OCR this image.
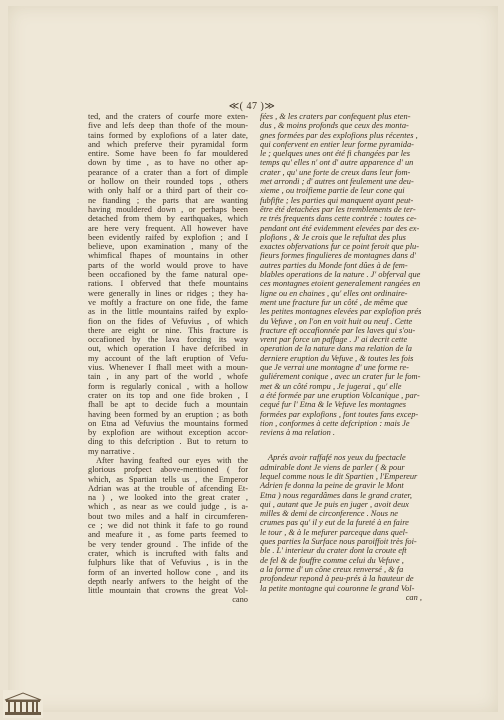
≪( 47 )≫
ted, and the craters of courfe more exten-
five and lefs deep than thofe of the moun-
tains formed by explofions of a later date,
and which preferve their pyramidal form
entire. Some have been fo far mouldered
down by time , as to have no other ap-
pearance of a crater than a fort of dimple
or hollow on their rounded tops , others
with only half or a third part of their co-
ne ftanding ; the parts that are wanting
having mouldered down , or perhaps been
detached from them by earthquakes, which
are here very frequent. All however have
been evidently raifed by explofion ; and I
believe, upon examination , many of the
whimfical fhapes of mountains in other
parts of the world would prove to have
been occafioned by the fame natural ope-
rations. I obferved that thefe mountains
were generally in lines or ridges ; they ha-
ve moftly a fracture on one fide, the fame
as in the little mountains raifed by explo-
fion on the fides of Vefuvius , of which
there are eight or nine. This fracture is
occafioned by the lava forcing its way
out, which operation I have defcribed in
my account of the laft eruption of Vefu-
vius. Whenever I fhall meet with a moun-
tain , in any part of the world , whofe
form is regularly conical , with a hollow
crater on its top and one fide broken , I
fhall be apt to decide fuch a mountain
having been formed by an eruption ; as both
on Etna ad Vefuvius the mountains formed
by explofion are without exception accor-
ding to this defcription . But to return to
my narrative .
After having feafted our eyes with the
glorious profpect above-mentioned ( for
which, as Spartian tells us , the Emperor
Adrian was at the trouble of afcending Et-
na ) , we looked into the great crater ,
which , as near as we could judge , is a-
bout two miles and a half in circumferen-
ce ; we did not think it fafe to go round
and meafure it , as fome parts feemed to
be very tender ground . The infide of the
crater, which is incrufted with falts and
fulphurs like that of Vefuvius , is in the
form of an inverted hollow cone , and its
depth nearly anfwers to the height of the
little mountain that crowns the great Vol-
cano
fées , & les craters par confequent plus eten-
dus , & moins profonds que ceux des monta-
gnes formées par des explofions plus récentes ,
qui confervent en entier leur forme pyramida-
le ; quelques unes ont été fi changées par les
temps qu' elles n' ont d' autre apparence d' un
crater , qu' une forte de creux dans leur fom-
met arrondi ; d' autres ont feulement une deu-
xieme , ou troifieme partie de leur cone qui
fubfifte ; les parties qui manquent ayant peut-
être été detachées par les tremblements de ter-
re trés frequents dans cette contrée : toutes ce-
pendant ont été evidemment elevées par des ex-
plofions , & Je crois que le refultat des plus
exactes obfervations fur ce point feroit que plu-
fieurs formes fingulieres de montagnes dans d'
autres parties du Monde font dûes à de fem-
blables operations de la nature . J' obferval que
ces montagnes etoient generalement rangées en
ligne ou en chaines , qu' elles ont ordinaire-
ment une fracture fur un côté , de même que
les petites montagnes elevées par explofion prés
du Vefuve , on l'on en voit huit ou neuf . Cette
fracture eft occafionnée par les laves qui s'ou-
vrent par force un paffage . J' ai decrit cette
operation de la nature dans ma relation de la
derniere eruption du Vefuve , & toutes les fois
que Je verrai une montagne d' une forme re-
guliérement conique , avec un crater fur le fom-
met & un côté rompu , Je jugerai , qu' elle
a été formée par une eruption Volcanique , par-
cequé fur l' Etna & le Vefuve les montagnes
formées par explofions , font toutes fans excep-
tion , conformes à cette defcription : mais Je
reviens à ma relation .
Aprés avoir raffafé nos yeux du fpectacle
admirable dont Je viens de parler ( & pour
lequel comme nous le dit Spartien , l'Empereur
Adrien fe donna la peine de gravir le Mont
Etna ) nous regardâmes dans le grand crater,
qui , autant que Je puis en juger , avoit deux
milles & demi de circonference . Nous ne
crumes pas qu' il y eut de la fureté à en faire
le tour , & à le mefurer parceque dans quel-
ques parties la Surface nous paroiffoit très foi-
ble . L' interieur du crater dont la croute eft
de fel & de fouffre comme celui du Vefuve ,
a la forme d' un cône creux renversé , & fa
profondeur repond à peu-prés à la hauteur de
la petite montagne qui couronne le grand Vol-
can ,
